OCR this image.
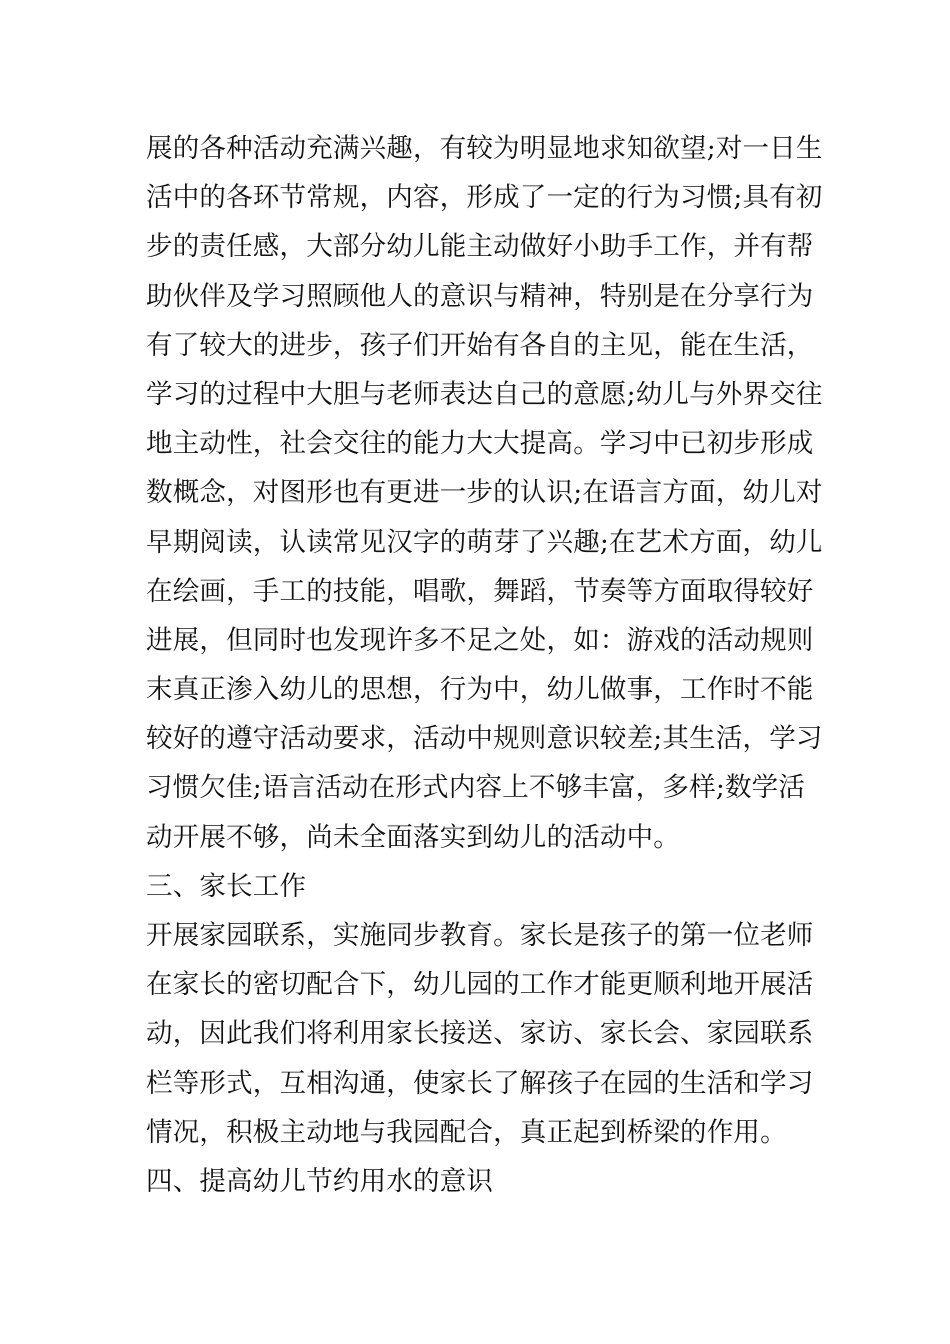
展的各种活动充满兴趣，有较为明显地求知欲望;对一日生
活中的各环节常规，内容，形成了一定的行为习惯;具有初
步的责任感，大部分幼儿能主动做好小助手工作，并有帮
助伙伴及学习照顾他人的意识与精神，特别是在分享行为
有了较大的进步，孩子们开始有各自的主见，能在生活，
学习的过程中大胆与老师表达自己的意愿;幼儿与外界交往
地主动性，社会交往的能力大大提高。学习中已初步形成
数概念，对图形也有更进一步的认识;在语言方面，幼儿对
早期阅读，认读常见汉字的萌芽了兴趣;在艺术方面，幼儿
在绘画，手工的技能，唱歌，舞蹈，节奏等方面取得较好
进展，但同时也发现许多不足之处，如：游戏的活动规则
末真正渗入幼儿的思想，行为中，幼儿做事，工作时不能
较好的遵守活动要求，活动中规则意识较差;其生活，学习
习惯欠佳;语言活动在形式内容上不够丰富，多样;数学活
动开展不够，尚未全面落实到幼儿的活动中。
三、家长工作
开展家园联系，实施同步教育。家长是孩子的第一位老师
在家长的密切配合下，幼儿园的工作才能更顺利地开展活
动，因此我们将利用家长接送、家访、家长会、家园联系
栏等形式，互相沟通，使家长了解孩子在园的生活和学习
情况，积极主动地与我园配合，真正起到桥梁的作用。
四、提高幼儿节约用水的意识
